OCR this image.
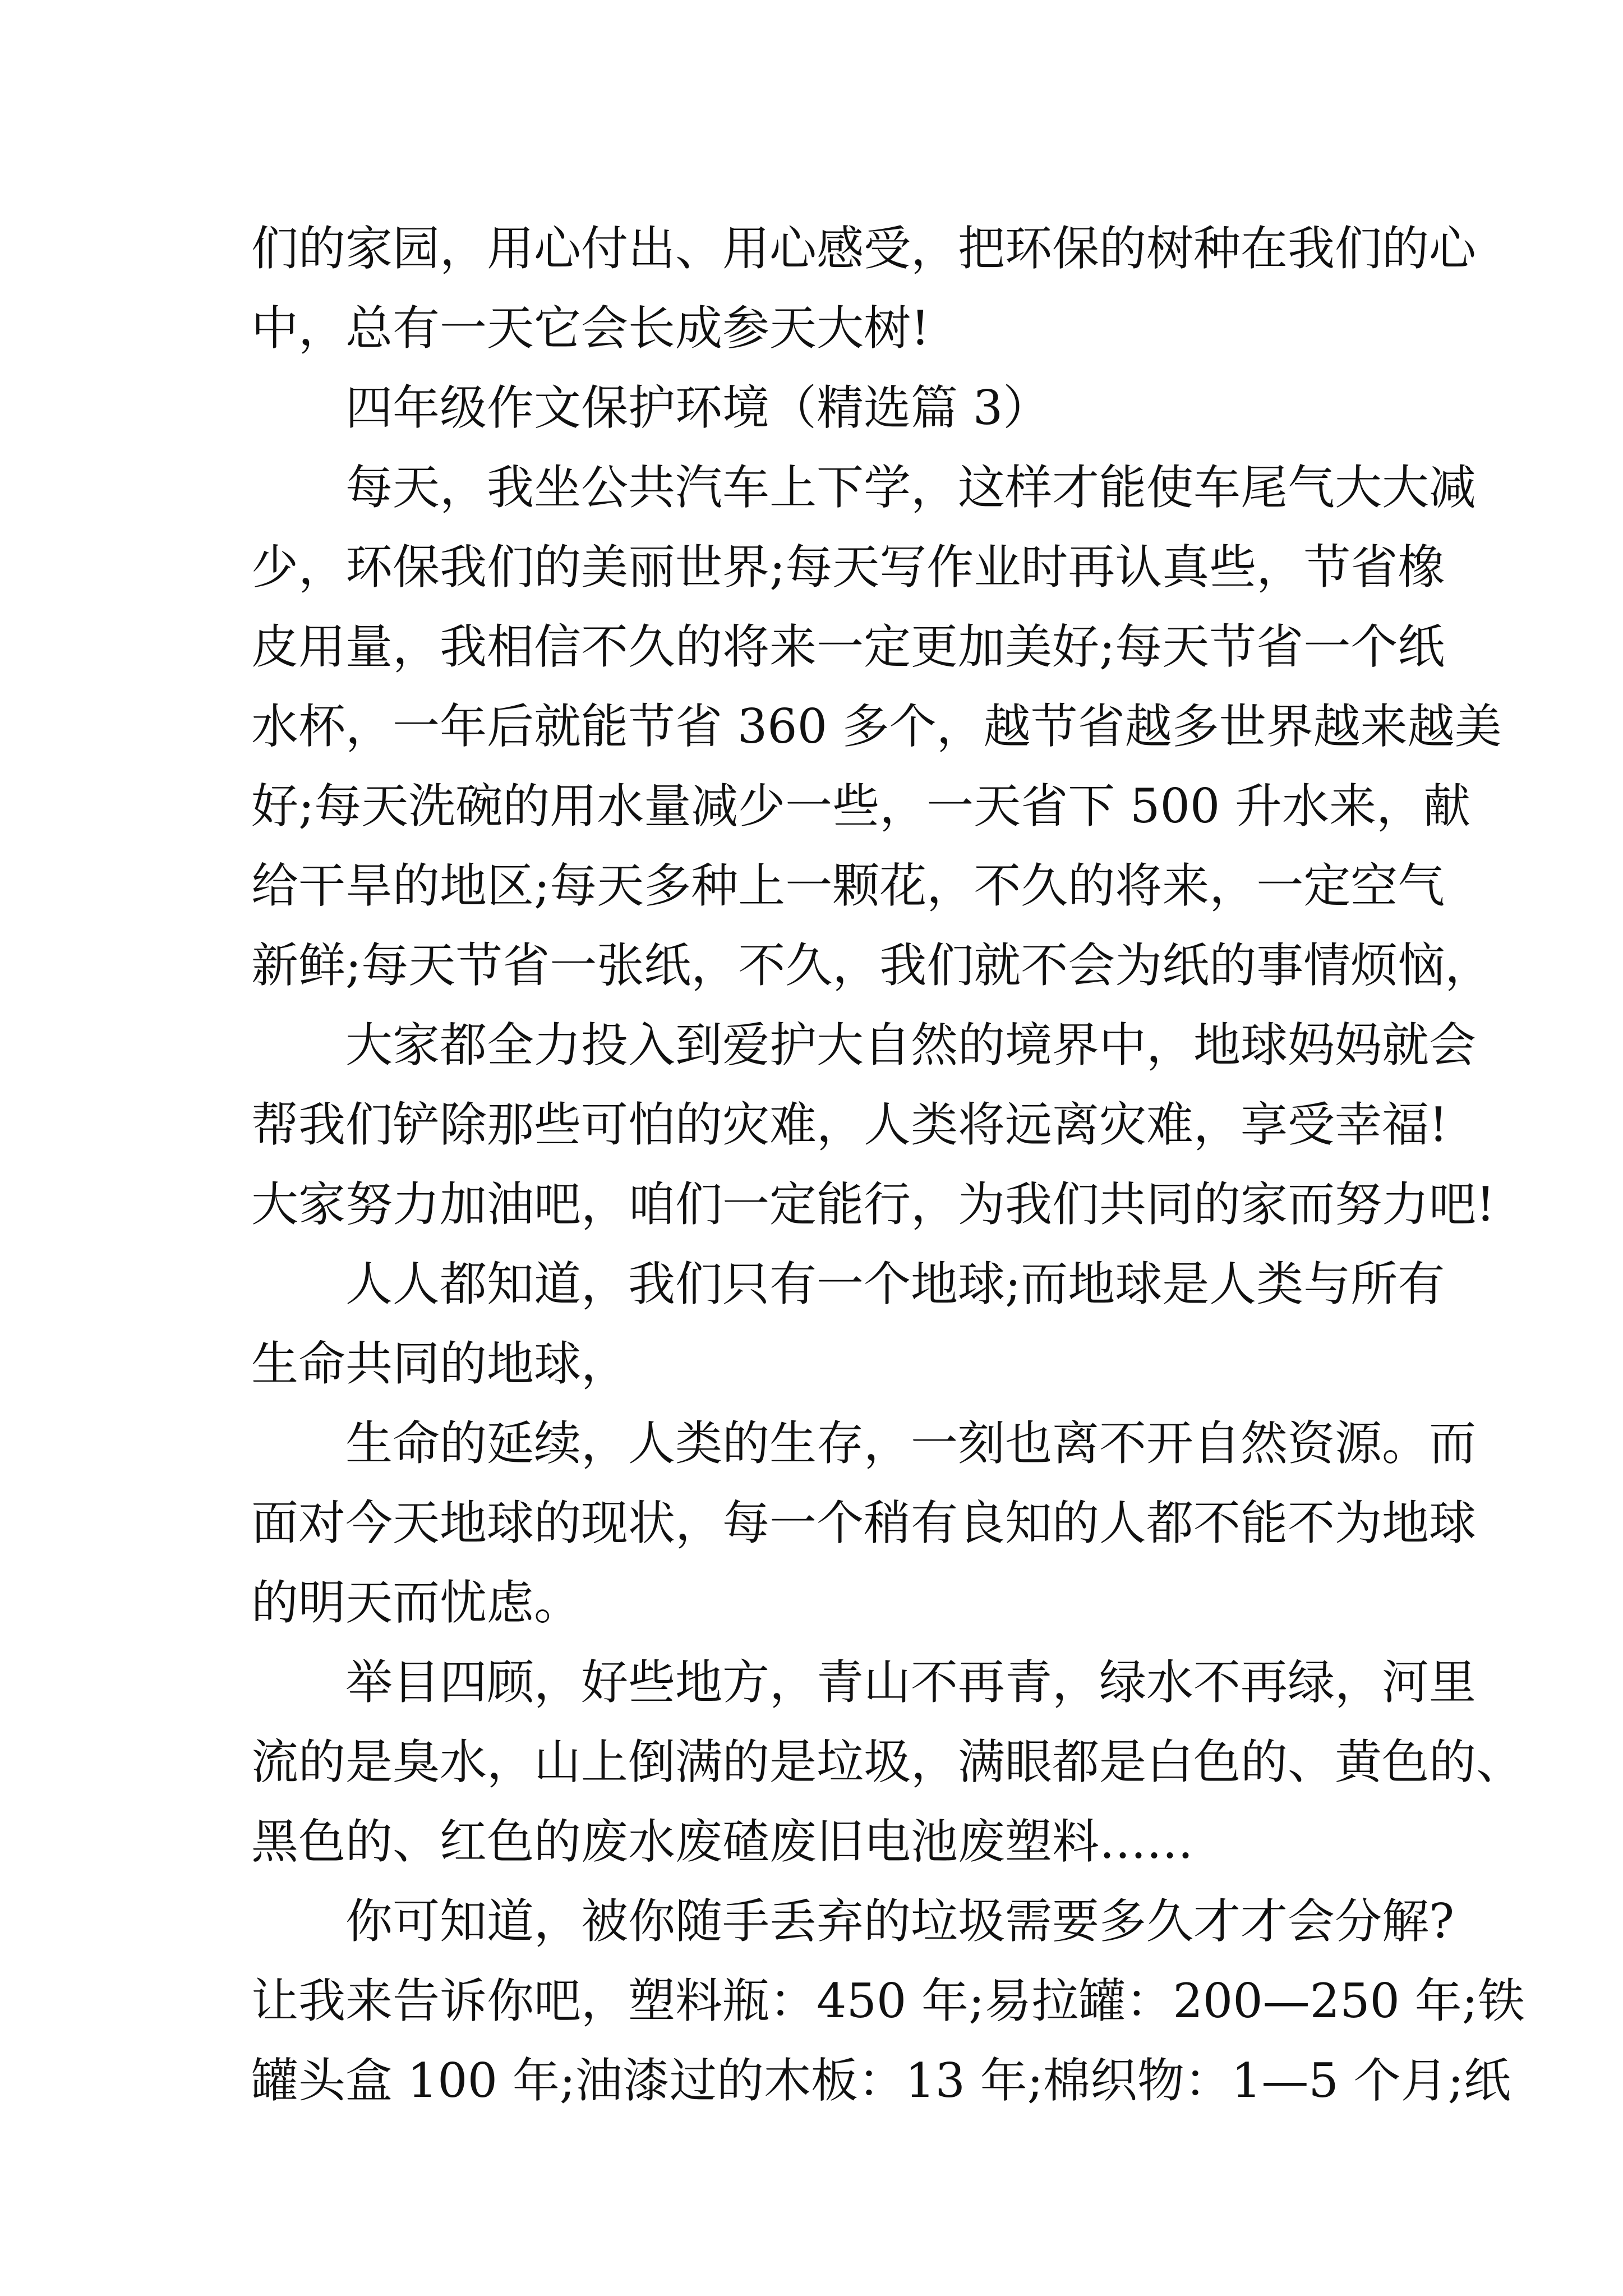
们的家园，用心付出、用心感受，把环保的树种在我们的心
中，总有一天它会长成参天大树!
四年级作文保护环境（精选篇 3）
每天，我坐公共汽车上下学，这样才能使车尾气大大减
少，环保我们的美丽世界;每天写作业时再认真些，节省橡
皮用量，我相信不久的将来一定更加美好;每天节省一个纸
水杯，一年后就能节省 360 多个，越节省越多世界越来越美
好;每天洗碗的用水量减少一些，一天省下 500 升水来，献
给干旱的地区;每天多种上一颗花，不久的将来，一定空气
新鲜;每天节省一张纸，不久，我们就不会为纸的事情烦恼，
大家都全力投入到爱护大自然的境界中，地球妈妈就会
帮我们铲除那些可怕的灾难，人类将远离灾难，享受幸福!
大家努力加油吧，咱们一定能行，为我们共同的家而努力吧!
人人都知道，我们只有一个地球;而地球是人类与所有
生命共同的地球，
生命的延续，人类的生存，一刻也离不开自然资源。而
面对今天地球的现状，每一个稍有良知的人都不能不为地球
的明天而忧虑。
举目四顾，好些地方，青山不再青，绿水不再绿，河里
流的是臭水，山上倒满的是垃圾，满眼都是白色的、黄色的、
黑色的、红色的废水废碴废旧电池废塑料……
你可知道，被你随手丢弃的垃圾需要多久才才会分解?
让我来告诉你吧，塑料瓶：450 年;易拉罐：200—250 年;铁
罐头盒 100 年;油漆过的木板：13 年;棉织物：1—5 个月;纸
